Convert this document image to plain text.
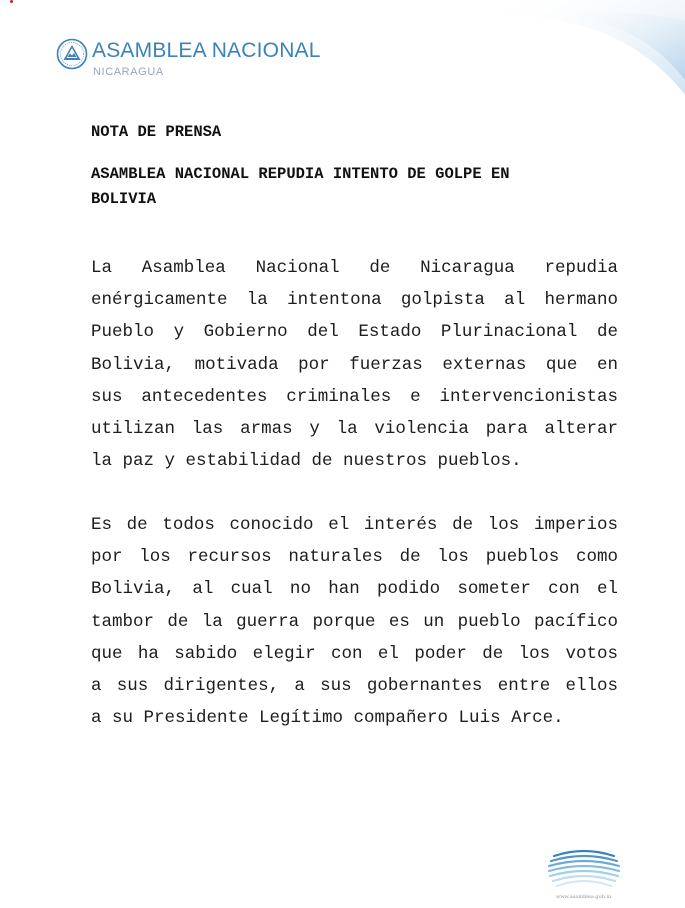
ASAMBLEA NACIONAL
NICARAGUA
NOTA DE PRENSA
ASAMBLEA NACIONAL REPUDIA INTENTO DE GOLPE EN
BOLIVIA
La Asamblea Nacional de Nicaragua repudia
enérgicamente la intentona golpista al hermano
Pueblo y Gobierno del Estado Plurinacional de
Bolivia, motivada por fuerzas externas que en
sus antecedentes criminales e intervencionistas
utilizan las armas y la violencia para alterar
la paz y estabilidad de nuestros pueblos.
Es de todos conocido el interés de los imperios
por los recursos naturales de los pueblos como
Bolivia, al cual no han podido someter con el
tambor de la guerra porque es un pueblo pacífico
que ha sabido elegir con el poder de los votos
a sus dirigentes, a sus gobernantes entre ellos
a su Presidente Legítimo compañero Luis Arce.
www.asamblea.gob.ni
